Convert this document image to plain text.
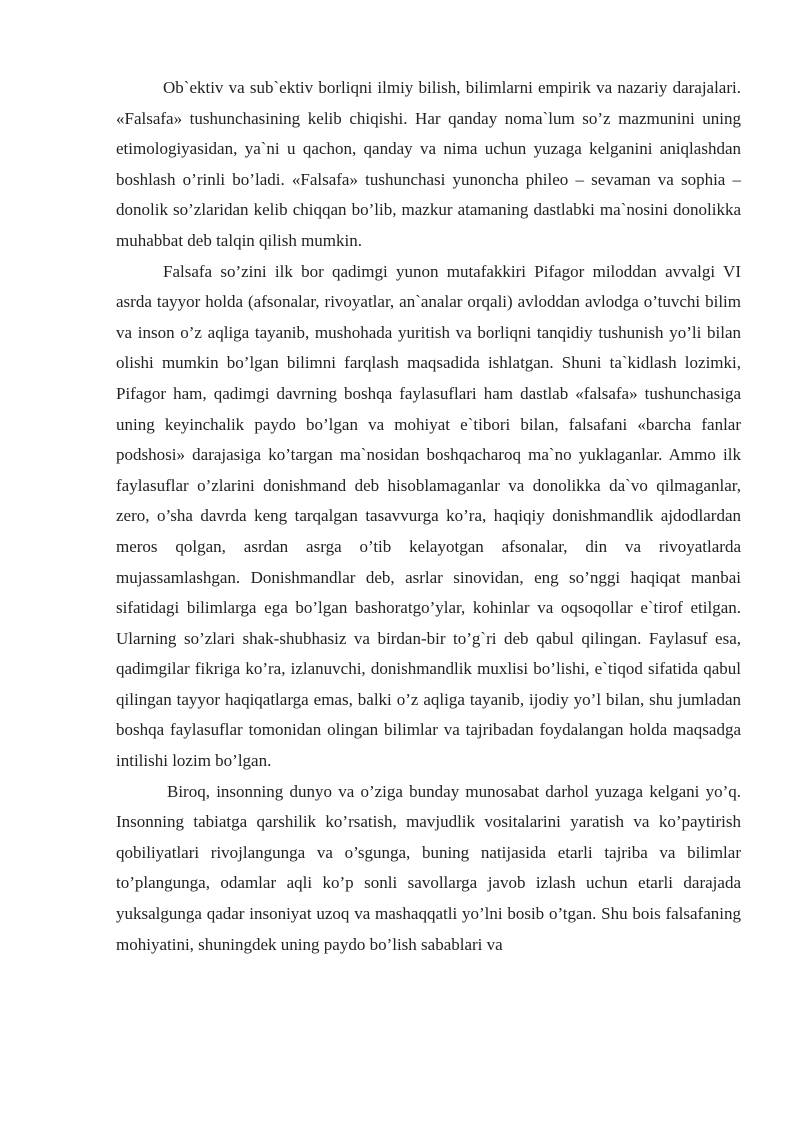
Ob`ektiv va sub`ektiv borliqni ilmiy bilish, bilimlarni empirik va nazariy darajalari. «Falsafa» tushunchasining kelib chiqishi. Har qanday noma`lum so’z mazmunini uning etimologiyasidan, ya`ni u qachon, qanday va nima uchun yuzaga kelganini aniqlashdan boshlash o’rinli bo’ladi. «Falsafa» tushunchasi yunoncha phileo – sevaman va sophia – donolik so’zlaridan kelib chiqqan bo’lib, mazkur atamaning dastlabki ma`nosini donolikka muhabbat deb talqin qilish mumkin.

Falsafa so’zini ilk bor qadimgi yunon mutafakkiri Pifagor miloddan avvalgi VI asrda tayyor holda (afsonalar, rivoyatlar, an`analar orqali) avloddan avlodga o’tuvchi bilim va inson o’z aqliga tayanib, mushohada yuritish va borliqni tanqidiy tushunish yo’li bilan olishi mumkin bo’lgan bilimni farqlash maqsadida ishlatgan. Shuni ta`kidlash lozimki, Pifagor ham, qadimgi davrning boshqa faylasuflari ham dastlab «falsafa» tushunchasiga uning keyinchalik paydo bo’lgan va mohiyat e`tibori bilan, falsafani «barcha fanlar podshosi» darajasiga ko’targan ma`nosidan boshqacharoq ma`no yuklaganlar. Ammo ilk faylasuflar o’zlarini donishmand deb hisoblamaganlar va donolikka da`vo qilmaganlar, zero, o’sha davrda keng tarqalgan tasavvurga ko’ra, haqiqiy donishmandlik ajdodlardan meros qolgan, asrdan asrga o’tib kelayotgan afsonalar, din va rivoyatlarda mujassamlashgan. Donishmandlar deb, asrlar sinovidan, eng so’nggi haqiqat manbai sifatidagi bilimlarga ega bo’lgan bashoratgo’ylar, kohinlar va oqsoqollar e`tirof etilgan. Ularning so’zlari shak-shubhasiz va birdan-bir to’g`ri deb qabul qilingan. Faylasuf esa, qadimgilar fikriga ko’ra, izlanuvchi, donishmandlik muxlisi bo’lishi, e`tiqod sifatida qabul qilingan tayyor haqiqatlarga emas, balki o’z aqliga tayanib, ijodiy yo’l bilan, shu jumladan boshqa faylasuflar tomonidan olingan bilimlar va tajribadan foydalangan holda maqsadga intilishi lozim bo’lgan.

Biroq, insonning dunyo va o’ziga bunday munosabat darhol yuzaga kelgani yo’q. Insonning tabiatga qarshilik ko’rsatish, mavjudlik vositalarini yaratish va ko’paytirish qobiliyatlari rivojlangunga va o’sgunga, buning natijasida etarli tajriba va bilimlar to’plangunga, odamlar aqli ko’p sonli savollarga javob izlash uchun etarli darajada yuksalgunga qadar insoniyat uzoq va mashaqqatli yo’lni bosib o’tgan. Shu bois falsafaning mohiyatini, shuningdek uning paydo bo’lish sabablari va
